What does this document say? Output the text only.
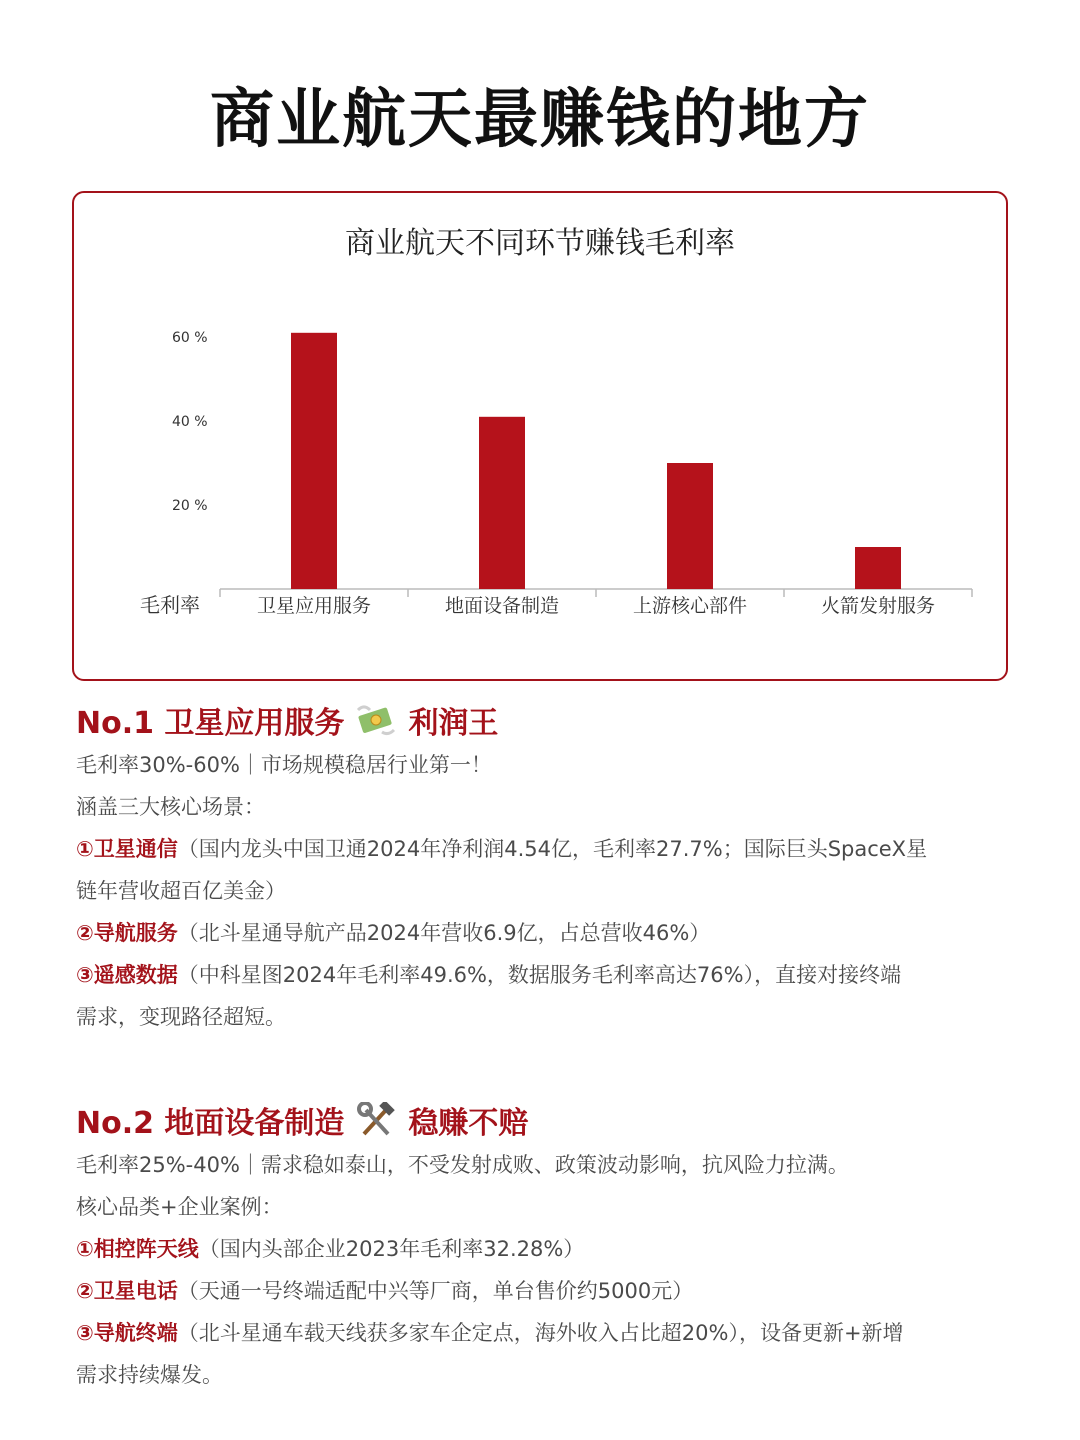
商业航天最赚钱的地方
商业航天不同环节赚钱毛利率
20 %
40 %
60 %
毛利率	卫星应用服务	地面设备制造	上游核心部件	火箭发射服务
No.1 卫星应用服务 利润王
毛利率30%-60%｜市场规模稳居行业第一！
涵盖三大核心场景：
①卫星通信（国内龙头中国卫通2024年净利润4.54亿，毛利率27.7%；国际巨头SpaceX星
链年营收超百亿美金）
②导航服务（北斗星通导航产品2024年营收6.9亿，占总营收46%）
③遥感数据（中科星图2024年毛利率49.6%，数据服务毛利率高达76%），直接对接终端
需求，变现路径超短。
No.2 地面设备制造 稳赚不赔
毛利率25%-40%｜需求稳如泰山，不受发射成败、政策波动影响，抗风险力拉满。
核心品类+企业案例：
①相控阵天线（国内头部企业2023年毛利率32.28%）
②卫星电话（天通一号终端适配中兴等厂商，单台售价约5000元）
③导航终端（北斗星通车载天线获多家车企定点，海外收入占比超20%），设备更新+新增
需求持续爆发。
